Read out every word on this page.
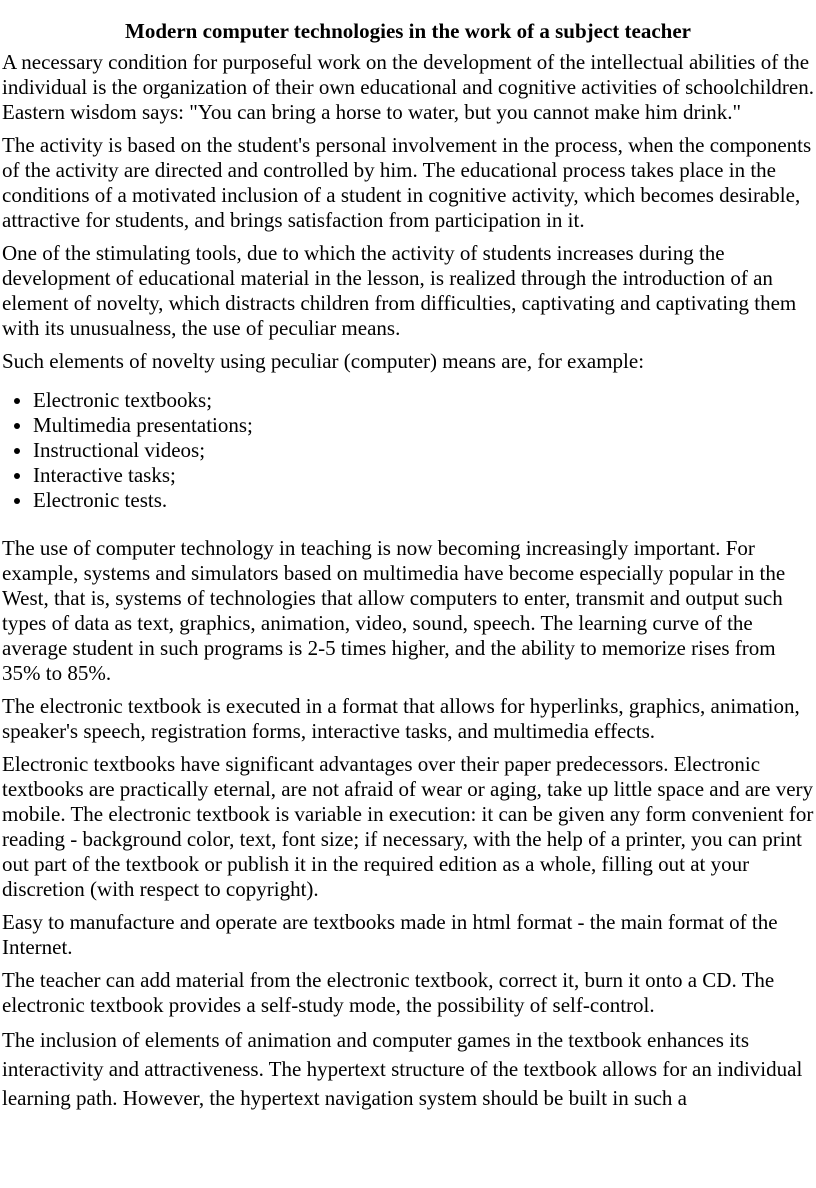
Modern computer technologies in the work of a subject teacher

A necessary condition for purposeful work on the development of the intellectual abilities of the individual is the organization of their own educational and cognitive activities of schoolchildren. Eastern wisdom says: "You can bring a horse to water, but you cannot make him drink."

The activity is based on the student's personal involvement in the process, when the components of the activity are directed and controlled by him. The educational process takes place in the conditions of a motivated inclusion of a student in cognitive activity, which becomes desirable, attractive for students, and brings satisfaction from participation in it.

One of the stimulating tools, due to which the activity of students increases during the development of educational material in the lesson, is realized through the introduction of an element of novelty, which distracts children from difficulties, captivating and captivating them with its unusualness, the use of peculiar means.

Such elements of novelty using peculiar (computer) means are, for example:

• Electronic textbooks;
• Multimedia presentations;
• Instructional videos;
• Interactive tasks;
• Electronic tests.

The use of computer technology in teaching is now becoming increasingly important. For example, systems and simulators based on multimedia have become especially popular in the West, that is, systems of technologies that allow computers to enter, transmit and output such types of data as text, graphics, animation, video, sound, speech. The learning curve of the average student in such programs is 2-5 times higher, and the ability to memorize rises from 35% to 85%.

The electronic textbook is executed in a format that allows for hyperlinks, graphics, animation, speaker's speech, registration forms, interactive tasks, and multimedia effects.

Electronic textbooks have significant advantages over their paper predecessors. Electronic textbooks are practically eternal, are not afraid of wear or aging, take up little space and are very mobile. The electronic textbook is variable in execution: it can be given any form convenient for reading - background color, text, font size; if necessary, with the help of a printer, you can print out part of the textbook or publish it in the required edition as a whole, filling out at your discretion (with respect to copyright).

Easy to manufacture and operate are textbooks made in html format - the main format of the Internet.

The teacher can add material from the electronic textbook, correct it, burn it onto a CD. The electronic textbook provides a self-study mode, the possibility of self-control.

The inclusion of elements of animation and computer games in the textbook enhances its interactivity and attractiveness. The hypertext structure of the textbook allows for an individual learning path. However, the hypertext navigation system should be built in such a
